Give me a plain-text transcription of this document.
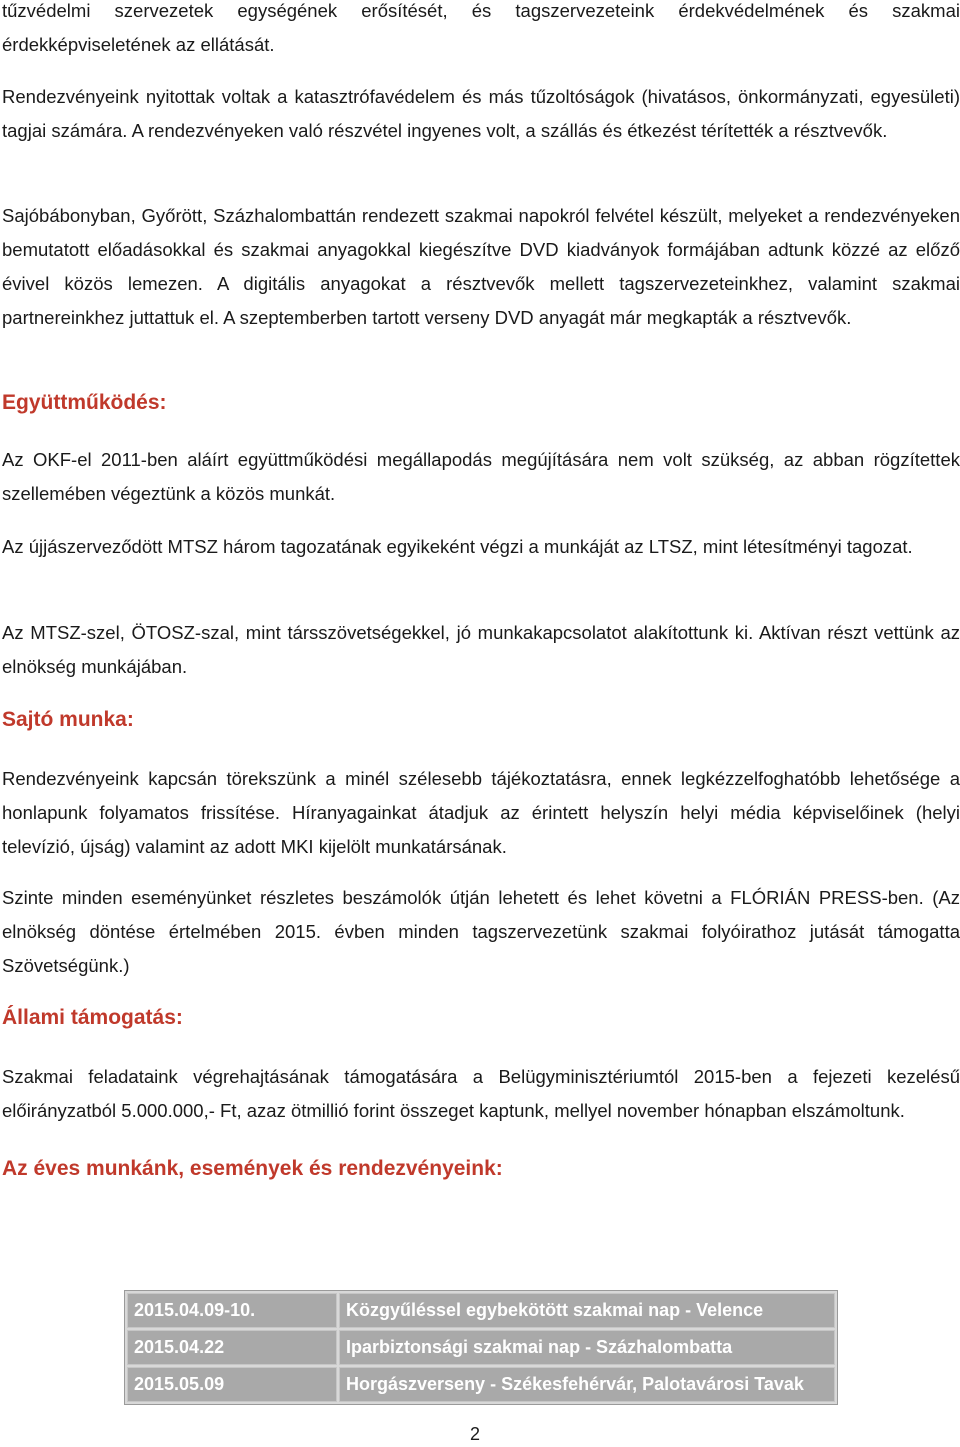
tűzvédelmi szervezetek egységének erősítését, és tagszervezeteink érdekvédelmének és szakmai érdekképviseletének az ellátását.

Rendezvényeink nyitottak voltak a katasztrófavédelem és más tűzoltóságok (hivatásos, önkormányzati, egyesületi) tagjai számára. A rendezvényeken való részvétel ingyenes volt, a szállás és étkezést térítették a résztvevők.

Sajóbábonyban, Győrött, Százhalombattán rendezett szakmai napokról felvétel készült, melyeket a rendezvényeken bemutatott előadásokkal és szakmai anyagokkal kiegészítve DVD kiadványok formájában adtunk közzé az előző évivel közös lemezen. A digitális anyagokat a résztvevők mellett tagszervezeteinkhez, valamint szakmai partnereinkhez juttattuk el. A szeptemberben tartott verseny DVD anyagát már megkapták a résztvevők.

Együttműködés:

Az OKF-el 2011-ben aláírt együttműködési megállapodás megújítására nem volt szükség, az abban rögzítettek szellemében végeztünk a közös munkát.

Az újjászerveződött MTSZ három tagozatának egyikeként végzi a munkáját az LTSZ, mint létesítményi tagozat.

Az MTSZ-szel, ÖTOSZ-szal, mint társszövetségekkel, jó munkakapcsolatot alakítottunk ki. Aktívan részt vettünk az elnökség munkájában.

Sajtó munka:

Rendezvényeink kapcsán törekszünk a minél szélesebb tájékoztatásra, ennek legkézzelfoghatóbb lehetősége a honlapunk folyamatos frissítése. Híranyagainkat átadjuk az érintett helyszín helyi média képviselőinek (helyi televízió, újság) valamint az adott MKI kijelölt munkatársának.

Szinte minden eseményünket részletes beszámolók útján lehetett és lehet követni a FLÓRIÁN PRESS-ben. (Az elnökség döntése értelmében 2015. évben minden tagszervezetünk szakmai folyóirathoz jutását támogatta Szövetségünk.)

Állami támogatás:

Szakmai feladataink végrehajtásának támogatására a Belügyminisztériumtól 2015-ben a fejezeti kezelésű előirányzatból 5.000.000,- Ft, azaz ötmillió forint összeget kaptunk, mellyel november hónapban elszámoltunk.

Az éves munkánk, események és rendezvényeink:
2015.04.09-10.	Közgyűléssel egybekötött szakmai nap - Velence
2015.04.22	Iparbiztonsági szakmai nap - Százhalombatta
2015.05.09	Horgászverseny - Székesfehérvár, Palotavárosi Tavak
2
